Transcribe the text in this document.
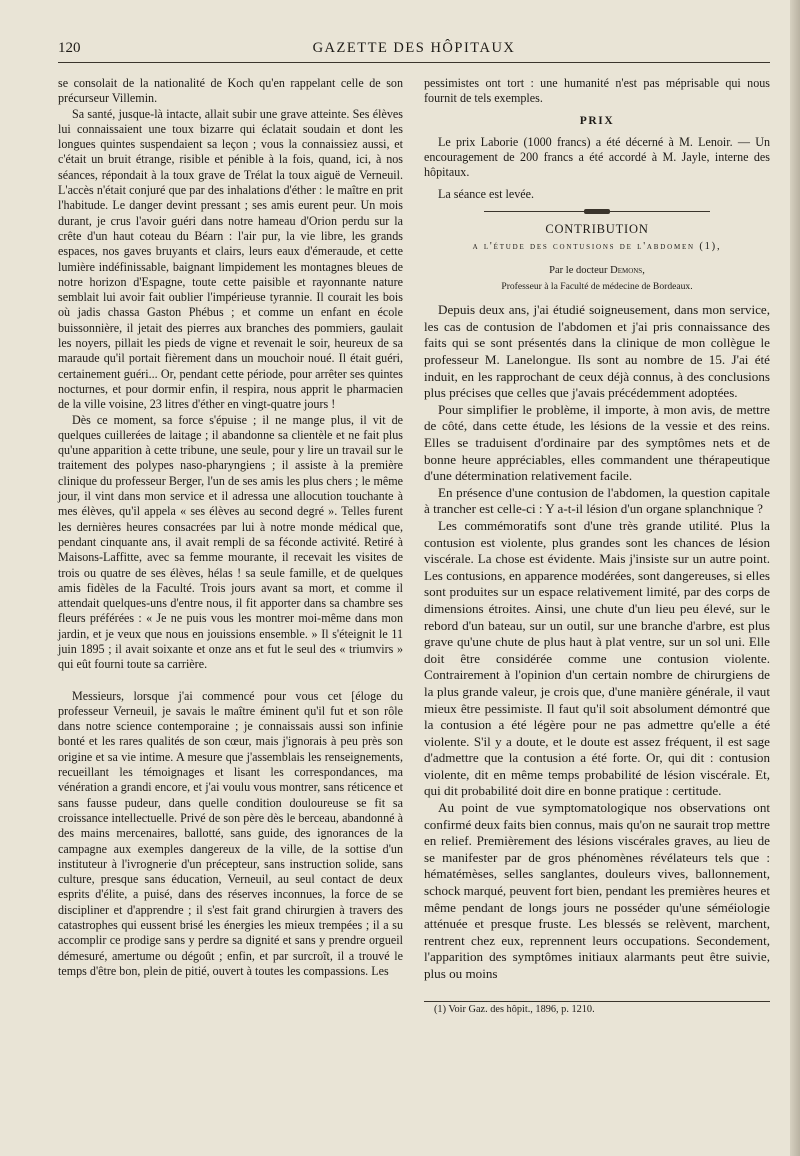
120	GAZETTE DES HÔPITAUX

se consolait de la nationalité de Koch qu'en rappelant celle de son précurseur Villemin.

Sa santé, jusque-là intacte, allait subir une grave atteinte. Ses élèves lui connaissaient une toux bizarre qui éclatait soudain et dont les longues quintes suspendaient sa leçon ; vous la connaissiez aussi, et c'était un bruit étrange, risible et pénible à la fois, quand, ici, à nos séances, répondait à la toux grave de Trélat la toux aiguë de Verneuil. L'accès n'était conjuré que par des inhalations d'éther : le maître en prit l'habitude. Le danger devint pressant ; ses amis eurent peur. Un mois durant, je crus l'avoir guéri dans notre hameau d'Orion perdu sur la crête d'un haut coteau du Béarn : l'air pur, la vie libre, les grands espaces, nos gaves bruyants et clairs, leurs eaux d'émeraude, et cette lumière indéfinissable, baignant limpidement les montagnes bleues de notre horizon d'Espagne, toute cette paisible et rayonnante nature semblait lui avoir fait oublier l'impérieuse tyrannie. Il courait les bois où jadis chassa Gaston Phébus ; et comme un enfant en école buissonnière, il jetait des pierres aux branches des pommiers, gaulait les noyers, pillait les pieds de vigne et revenait le soir, heureux de sa maraude qu'il portait fièrement dans un mouchoir noué. Il était guéri, certainement guéri... Or, pendant cette période, pour arrêter ses quintes nocturnes, et pour dormir enfin, il respira, nous apprit le pharmacien de la ville voisine, 23 litres d'éther en vingt-quatre jours !

Dès ce moment, sa force s'épuise ; il ne mange plus, il vit de quelques cuillerées de laitage ; il abandonne sa clientèle et ne fait plus qu'une apparition à cette tribune, une seule, pour y lire un travail sur le traitement des polypes naso-pharyngiens ; il assiste à la première clinique du professeur Berger, l'un de ses amis les plus chers ; le même jour, il vint dans mon service et il adressa une allocution touchante à mes élèves, qu'il appela « ses élèves au second degré ». Telles furent les dernières heures consacrées par lui à notre monde médical que, pendant cinquante ans, il avait rempli de sa féconde activité. Retiré à Maisons-Laffitte, avec sa femme mourante, il recevait les visites de trois ou quatre de ses élèves, hélas ! sa seule famille, et de quelques amis fidèles de la Faculté. Trois jours avant sa mort, et comme il attendait quelques-uns d'entre nous, il fit apporter dans sa chambre ses fleurs préférées : « Je ne puis vous les montrer moi-même dans mon jardin, et je veux que nous en jouissions ensemble. » Il s'éteignit le 11 juin 1895 ; il avait soixante et onze ans et fut le seul des « triumvirs » qui eût fourni toute sa carrière.

Messieurs, lorsque j'ai commencé pour vous cet [éloge du professeur Verneuil, je savais le maître éminent qu'il fut et son rôle dans notre science contemporaine ; je connaissais aussi son infinie bonté et les rares qualités de son cœur, mais j'ignorais à peu près son origine et sa vie intime. A mesure que j'assemblais les renseignements, recueillant les témoignages et lisant les correspondances, ma vénération a grandi encore, et j'ai voulu vous montrer, sans réticence et sans fausse pudeur, dans quelle condition douloureuse se fit sa croissance intellectuelle. Privé de son père dès le berceau, abandonné à des mains mercenaires, ballotté, sans guide, des ignorances de la campagne aux exemples dangereux de la ville, de la sottise d'un instituteur à l'ivrognerie d'un précepteur, sans instruction solide, sans culture, presque sans éducation, Verneuil, au seul contact de deux esprits d'élite, a puisé, dans des réserves inconnues, la force de se discipliner et d'apprendre ; il s'est fait grand chirurgien à travers des catastrophes qui eussent brisé les énergies les mieux trempées ; il a su accomplir ce prodige sans y perdre sa dignité et sans y prendre orgueil démesuré, amertume ou dégoût ; enfin, et par surcroît, il a trouvé le temps d'être bon, plein de pitié, ouvert à toutes les compassions. Les

pessimistes ont tort : une humanité n'est pas méprisable qui nous fournit de tels exemples.

PRIX

Le prix Laborie (1000 francs) a été décerné à M. Lenoir. — Un encouragement de 200 francs a été accordé à M. Jayle, interne des hôpitaux.

La séance est levée.

CONTRIBUTION
a l'étude des contusions de l'abdomen (1),
Par le docteur Demons,
Professeur à la Faculté de médecine de Bordeaux.

Depuis deux ans, j'ai étudié soigneusement, dans mon service, les cas de contusion de l'abdomen et j'ai pris connaissance des faits qui se sont présentés dans la clinique de mon collègue le professeur M. Lanelongue. Ils sont au nombre de 15. J'ai été induit, en les rapprochant de ceux déjà connus, à des conclusions plus précises que celles que j'avais précédemment adoptées.

Pour simplifier le problème, il importe, à mon avis, de mettre de côté, dans cette étude, les lésions de la vessie et des reins. Elles se traduisent d'ordinaire par des symptômes nets et de bonne heure appréciables, elles commandent une thérapeutique d'une détermination relativement facile.

En présence d'une contusion de l'abdomen, la question capitale à trancher est celle-ci : Y a-t-il lésion d'un organe splanchnique ?

Les commémoratifs sont d'une très grande utilité. Plus la contusion est violente, plus grandes sont les chances de lésion viscérale. La chose est évidente. Mais j'insiste sur un autre point. Les contusions, en apparence modérées, sont dangereuses, si elles sont produites sur un espace relativement limité, par des corps de dimensions étroites. Ainsi, une chute d'un lieu peu élevé, sur le rebord d'un bateau, sur un outil, sur une branche d'arbre, est plus grave qu'une chute de plus haut à plat ventre, sur un sol uni. Elle doit être considérée comme une contusion violente. Contrairement à l'opinion d'un certain nombre de chirurgiens de la plus grande valeur, je crois que, d'une manière générale, il vaut mieux être pessimiste. Il faut qu'il soit absolument démontré que la contusion a été légère pour ne pas admettre qu'elle a été violente. S'il y a doute, et le doute est assez fréquent, il est sage d'admettre que la contusion a été forte. Or, qui dit : contusion violente, dit en même temps probabilité de lésion viscérale. Et, qui dit probabilité doit dire en bonne pratique : certitude.

Au point de vue symptomatologique nos observations ont confirmé deux faits bien connus, mais qu'on ne saurait trop mettre en relief. Premièrement des lésions viscérales graves, au lieu de se manifester par de gros phénomènes révélateurs tels que : hématémèses, selles sanglantes, douleurs vives, ballonnement, schock marqué, peuvent fort bien, pendant les premières heures et même pendant de longs jours ne posséder qu'une séméiologie atténuée et presque fruste. Les blessés se relèvent, marchent, rentrent chez eux, reprennent leurs occupations. Secondement, l'apparition des symptômes initiaux alarmants peut être suivie, plus ou moins

(1) Voir Gaz. des hôpit., 1896, p. 1210.
